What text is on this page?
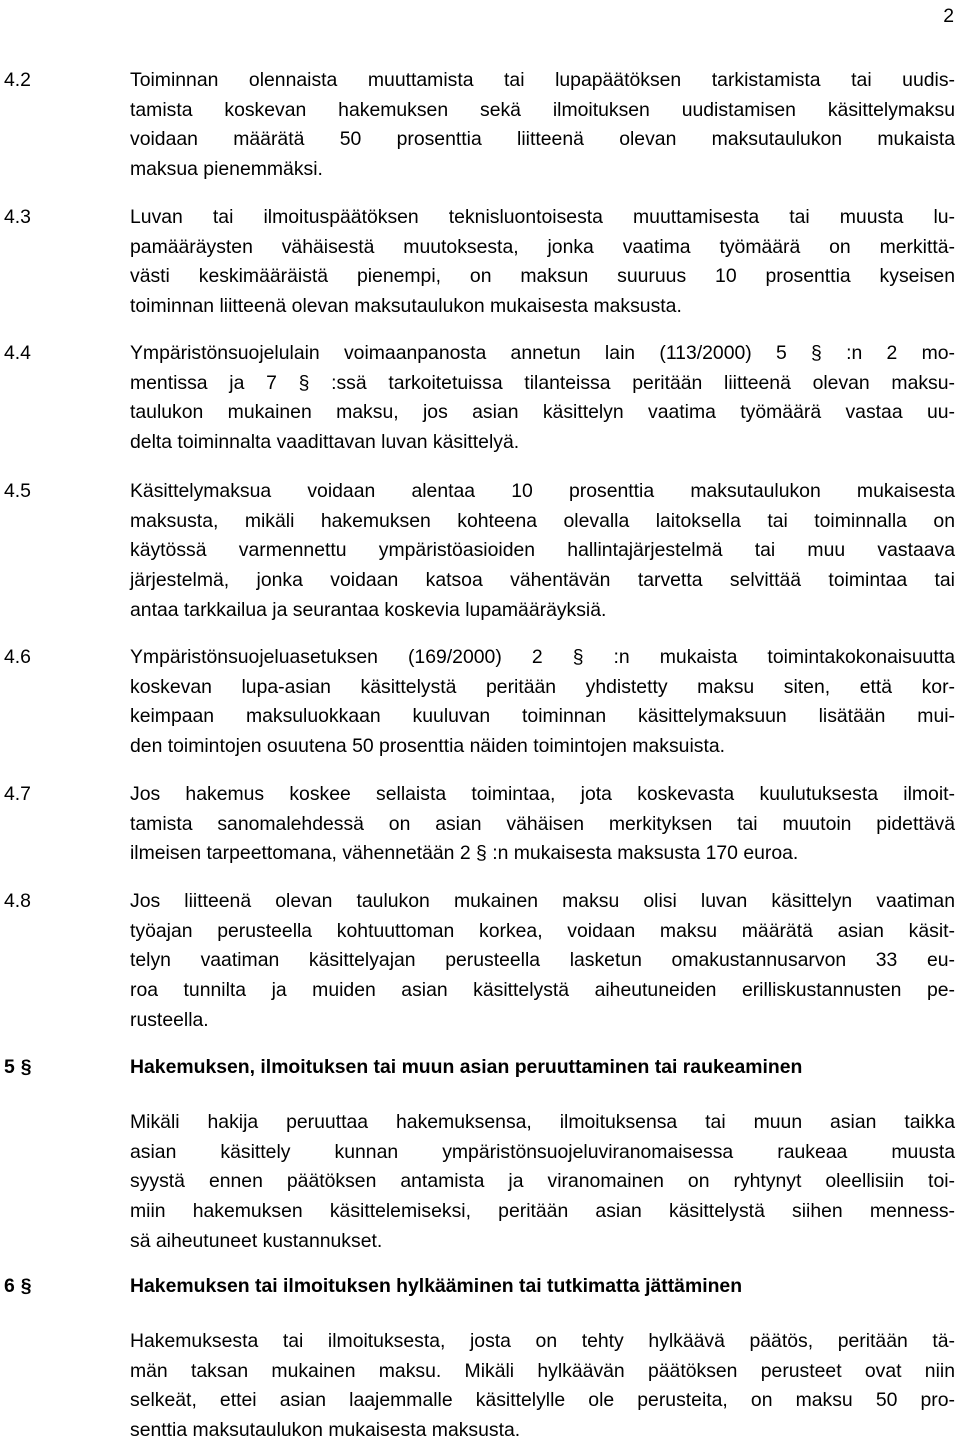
2
4.2	Toiminnan olennaista muuttamista tai lupapäätöksen tarkistamista tai uudis-
tamista koskevan hakemuksen sekä ilmoituksen uudistamisen käsittelymaksu
voidaan määrätä 50 prosenttia liitteenä olevan maksutaulukon mukaista
maksua pienemmäksi.
4.3	Luvan tai ilmoituspäätöksen teknisluontoisesta muuttamisesta tai muusta lu-
pamääräysten vähäisestä muutoksesta, jonka vaatima työmäärä on merkittä-
västi keskimääräistä pienempi, on maksun suuruus 10 prosenttia kyseisen
toiminnan liitteenä olevan maksutaulukon mukaisesta maksusta.
4.4	Ympäristönsuojelulain voimaanpanosta annetun lain (113/2000) 5 § :n 2 mo-
mentissa ja 7 § :ssä tarkoitetuissa tilanteissa peritään liitteenä olevan maksu-
taulukon mukainen maksu, jos asian käsittelyn vaatima työmäärä vastaa uu-
delta toiminnalta vaadittavan luvan käsittelyä.
4.5	Käsittelymaksua voidaan alentaa 10 prosenttia maksutaulukon mukaisesta
maksusta, mikäli hakemuksen kohteena olevalla laitoksella tai toiminnalla on
käytössä varmennettu ympäristöasioiden hallintajärjestelmä tai muu vastaava
järjestelmä, jonka voidaan katsoa vähentävän tarvetta selvittää toimintaa tai
antaa tarkkailua ja seurantaa koskevia lupamääräyksiä.
4.6	Ympäristönsuojeluasetuksen (169/2000) 2 § :n mukaista toimintakokonaisuutta
koskevan lupa-asian käsittelystä peritään yhdistetty maksu siten, että kor-
keimpaan maksuluokkaan kuuluvan toiminnan käsittelymaksuun lisätään mui-
den toimintojen osuutena 50 prosenttia näiden toimintojen maksuista.
4.7	Jos hakemus koskee sellaista toimintaa, jota koskevasta kuulutuksesta ilmoit-
tamista sanomalehdessä on asian vähäisen merkityksen tai muutoin pidettävä
ilmeisen tarpeettomana, vähennetään 2 § :n mukaisesta maksusta 170 euroa.
4.8	Jos liitteenä olevan taulukon mukainen maksu olisi luvan käsittelyn vaatiman
työajan perusteella kohtuuttoman korkea, voidaan maksu määrätä asian käsit-
telyn vaatiman käsittelyajan perusteella lasketun omakustannusarvon 33 eu-
roa tunnilta ja muiden asian käsittelystä aiheutuneiden erilliskustannusten pe-
rusteella.
5 §	Hakemuksen, ilmoituksen tai muun asian peruuttaminen tai raukeaminen
Mikäli hakija peruuttaa hakemuksensa, ilmoituksensa tai muun asian taikka
asian käsittely kunnan ympäristönsuojeluviranomaisessa raukeaa muusta
syystä ennen päätöksen antamista ja viranomainen on ryhtynyt oleellisiin toi-
miin hakemuksen käsittelemiseksi, peritään asian käsittelystä siihen menness-
sä aiheutuneet kustannukset.
6 §	Hakemuksen tai ilmoituksen hylkääminen tai tutkimatta jättäminen
Hakemuksesta tai ilmoituksesta, josta on tehty hylkäävä päätös, peritään tä-
män taksan mukainen maksu. Mikäli hylkäävän päätöksen perusteet ovat niin
selkeät, ettei asian laajemmalle käsittelylle ole perusteita, on maksu 50 pro-
senttia maksutaulukon mukaisesta maksusta.
